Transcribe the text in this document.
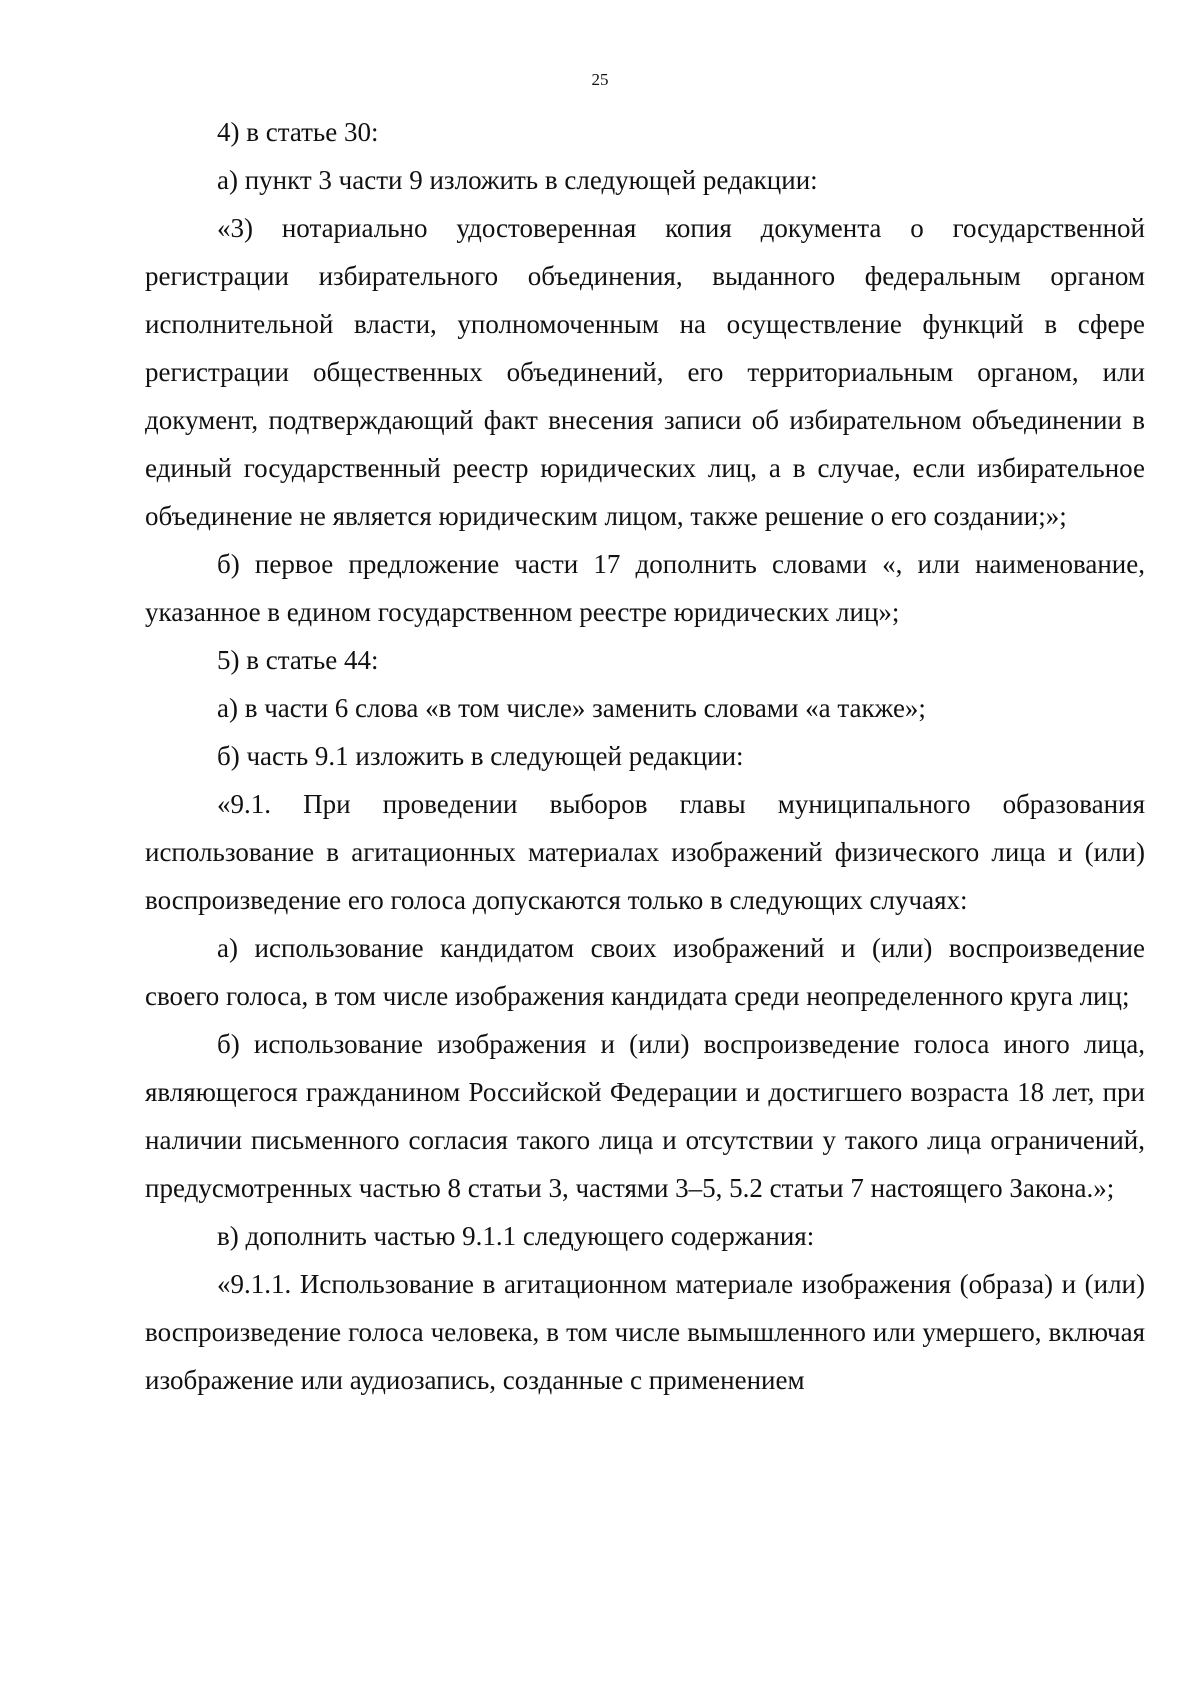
25

4) в статье 30:

а) пункт 3 части 9 изложить в следующей редакции:

«3) нотариально удостоверенная копия документа о государственной регистрации избирательного объединения, выданного федеральным органом исполнительной власти, уполномоченным на осуществление функций в сфере регистрации общественных объединений, его территориальным органом, или документ, подтверждающий факт внесения записи об избирательном объединении в единый государственный реестр юридических лиц, а в случае, если избирательное объединение не является юридическим лицом, также решение о его создании;»;

б) первое предложение части 17 дополнить словами «, или наименование, указанное в едином государственном реестре юридических лиц»;

5) в статье 44:

а) в части 6 слова «в том числе» заменить словами «а также»;

б) часть 9.1 изложить в следующей редакции:

«9.1. При проведении выборов главы муниципального образования использование в агитационных материалах изображений физического лица и (или) воспроизведение его голоса допускаются только в следующих случаях:

а) использование кандидатом своих изображений и (или) воспроизведение своего голоса, в том числе изображения кандидата среди неопределенного круга лиц;

б) использование изображения и (или) воспроизведение голоса иного лица, являющегося гражданином Российской Федерации и достигшего возраста 18 лет, при наличии письменного согласия такого лица и отсутствии у такого лица ограничений, предусмотренных частью 8 статьи 3, частями 3–5, 5.2 статьи 7 настоящего Закона.»;

в) дополнить частью 9.1.1 следующего содержания:

«9.1.1. Использование в агитационном материале изображения (образа) и (или) воспроизведение голоса человека, в том числе вымышленного или умершего, включая изображение или аудиозапись, созданные с применением
